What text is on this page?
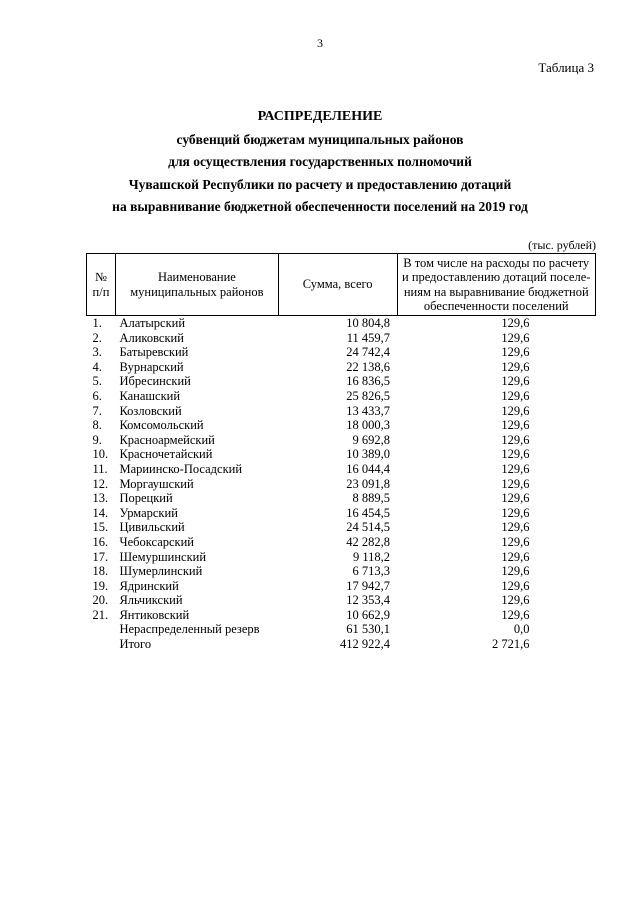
3
Таблица 3
РАСПРЕДЕЛЕНИЕ
субвенций бюджетам муниципальных районов
для осуществления государственных полномочий
Чувашской Республики по расчету и предоставлению дотаций
на выравнивание бюджетной обеспеченности поселений на 2019 год
(тыс. рублей)
№ п/п	Наименование муниципальных районов	Сумма, всего	В том числе на расходы по расчету и предоставлению дотаций поселе-ниям на выравнивание бюджетной обеспеченности поселений
1.	Алатырский	10 804,8	129,6
2.	Аликовский	11 459,7	129,6
3.	Батыревский	24 742,4	129,6
4.	Вурнарский	22 138,6	129,6
5.	Ибресинский	16 836,5	129,6
6.	Канашский	25 826,5	129,6
7.	Козловский	13 433,7	129,6
8.	Комсомольский	18 000,3	129,6
9.	Красноармейский	9 692,8	129,6
10.	Красночетайский	10 389,0	129,6
11.	Мариинско-Посадский	16 044,4	129,6
12.	Моргаушский	23 091,8	129,6
13.	Порецкий	8 889,5	129,6
14.	Урмарский	16 454,5	129,6
15.	Цивильский	24 514,5	129,6
16.	Чебоксарский	42 282,8	129,6
17.	Шемуршинский	9 118,2	129,6
18.	Шумерлинский	6 713,3	129,6
19.	Ядринский	17 942,7	129,6
20.	Яльчикский	12 353,4	129,6
21.	Янтиковский	10 662,9	129,6
	Нераспределенный резерв	61 530,1	0,0
	Итого	412 922,4	2 721,6
